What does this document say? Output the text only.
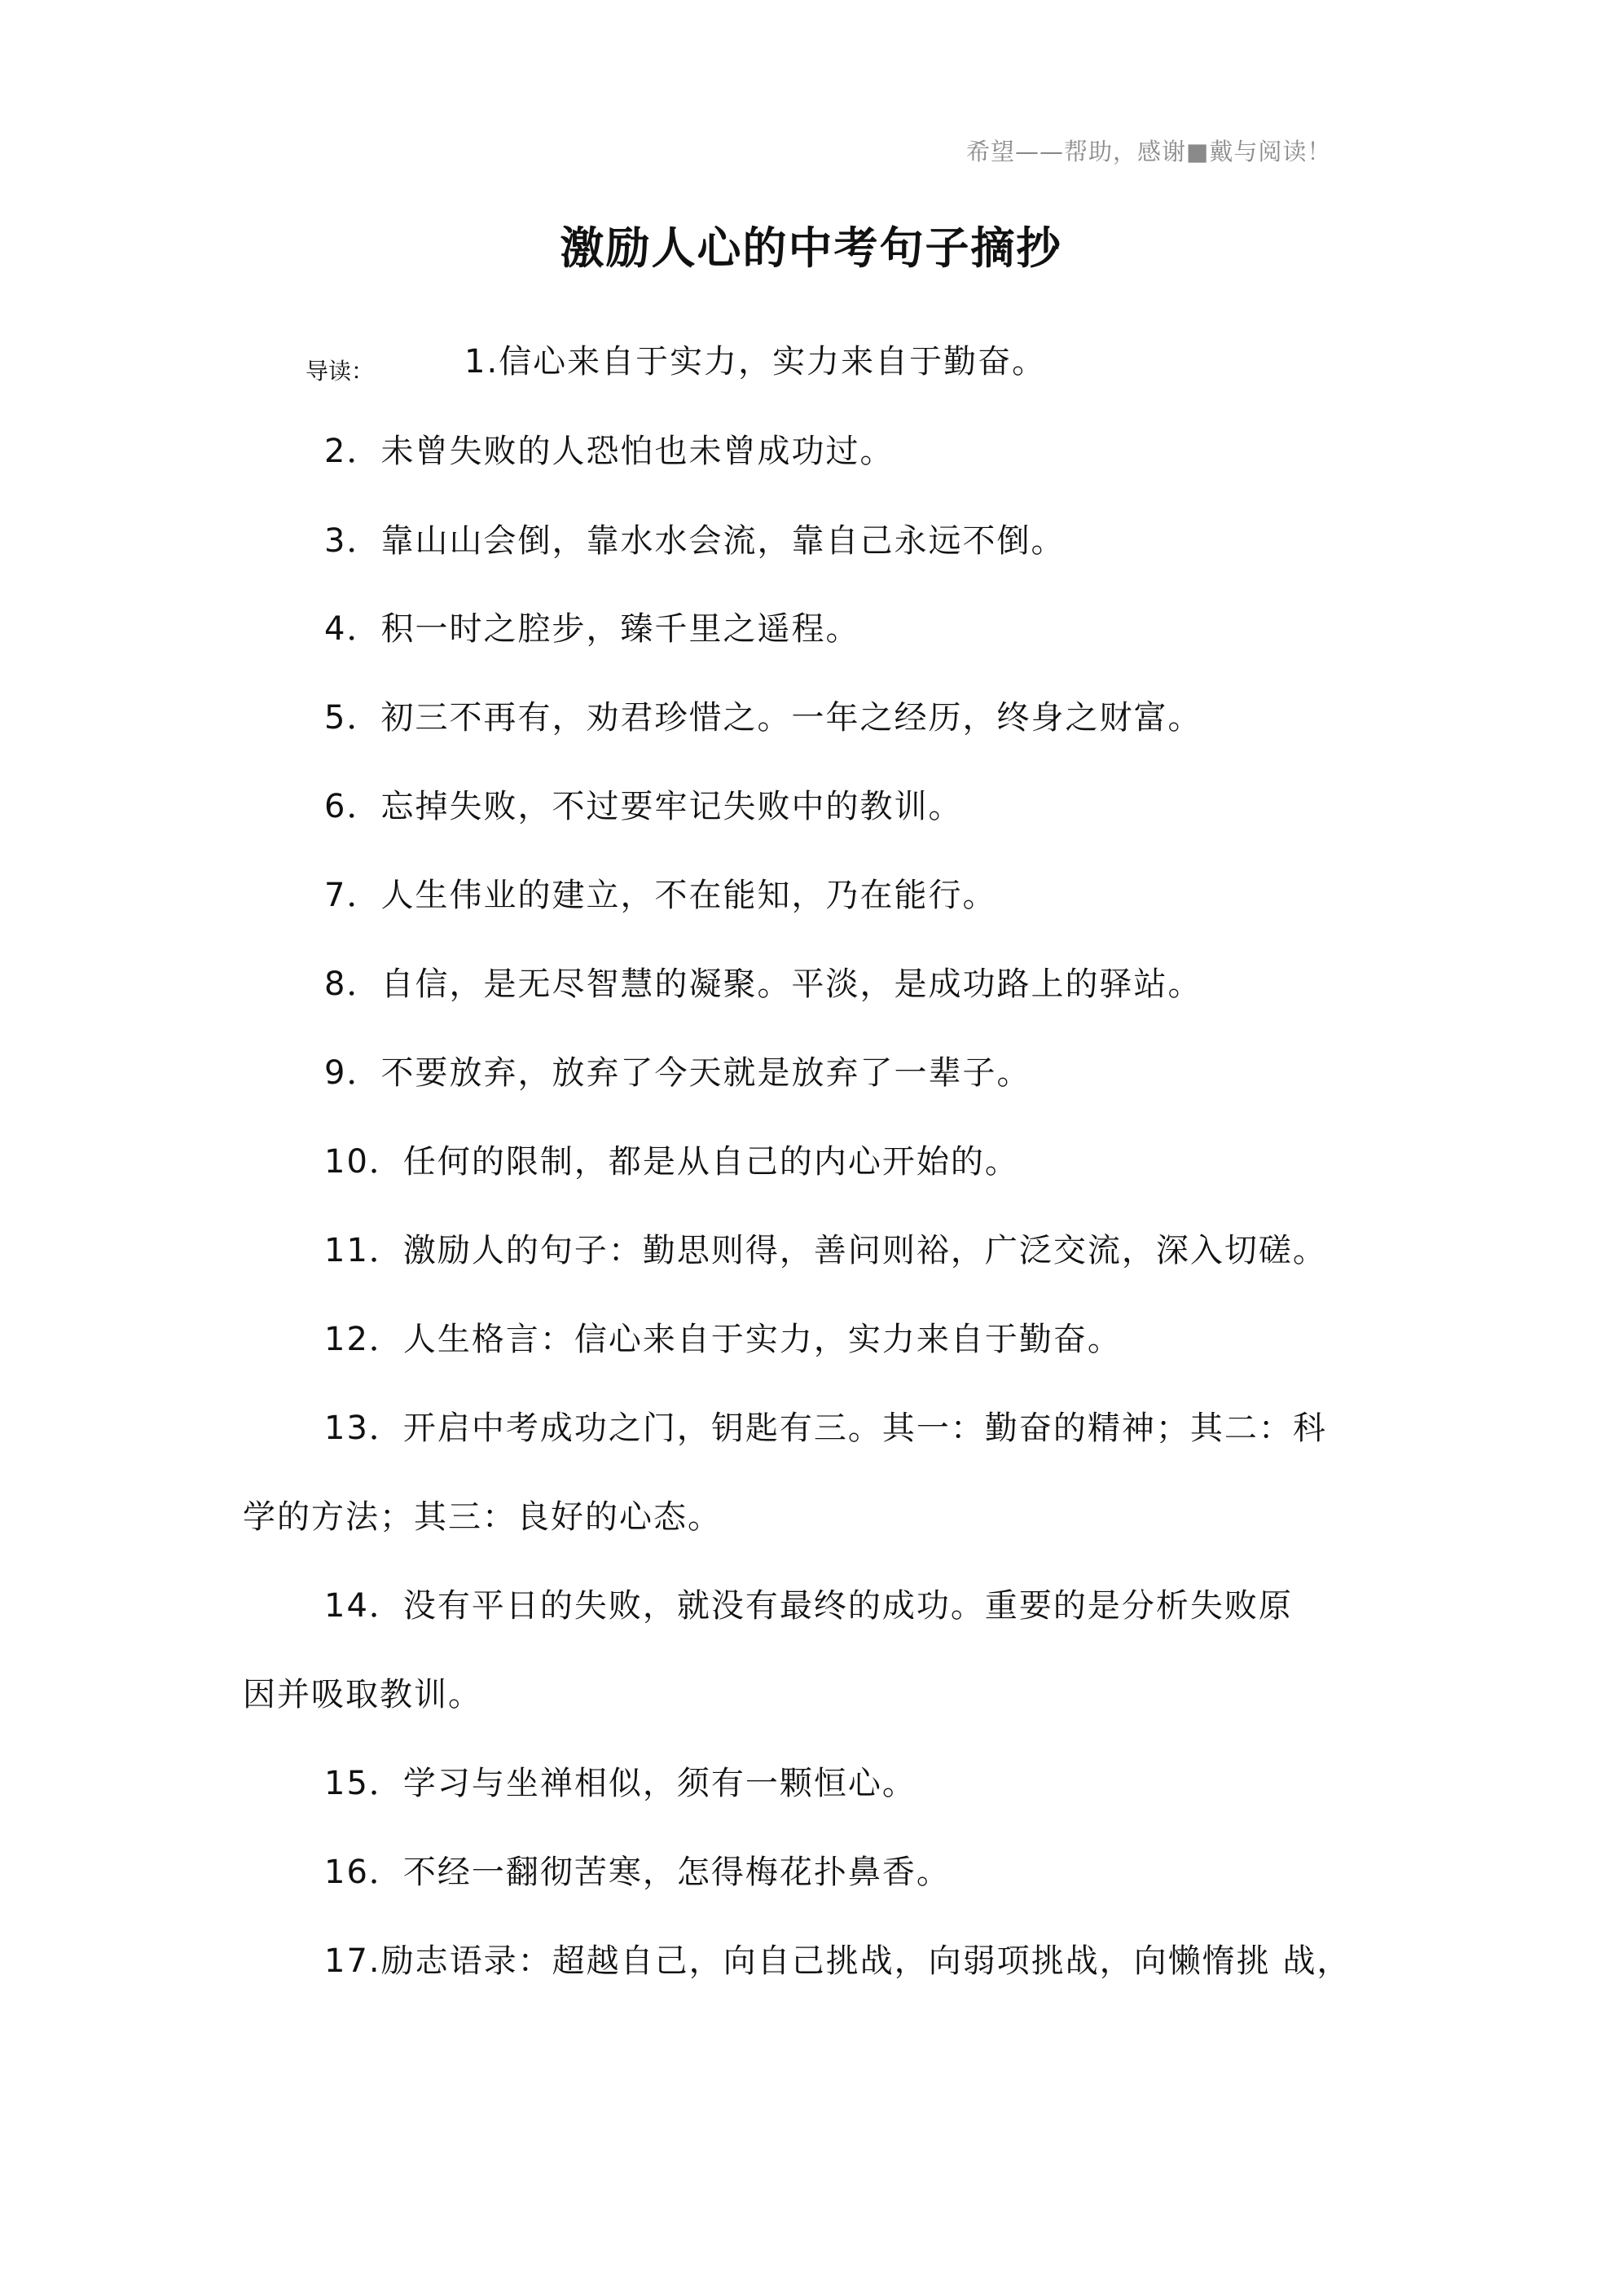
希望——帮助，感谢■戴与阅读！
激励人心的中考句子摘抄
导读：	1.信心来自于实力，实力来自于勤奋。
2．未曾失败的人恐怕也未曾成功过。
3．靠山山会倒，靠水水会流，靠自己永远不倒。
4．积一时之腔步，臻千里之遥程。
5．初三不再有，劝君珍惜之。一年之经历，终身之财富。
6．忘掉失败，不过要牢记失败中的教训。
7．人生伟业的建立，不在能知，乃在能行。
8．自信，是无尽智慧的凝聚。平淡，是成功路上的驿站。
9．不要放弃，放弃了今天就是放弃了一辈子。
10．任何的限制，都是从自己的内心开始的。
11．激励人的句子：勤思则得，善问则裕，广泛交流，深入切磋。
12．人生格言：信心来自于实力，实力来自于勤奋。
13．开启中考成功之门，钥匙有三。其一：勤奋的精神；其二：科
学的方法；其三：良好的心态。
14．没有平日的失败，就没有最终的成功。重要的是分析失败原
因并吸取教训。
15．学习与坐禅相似，须有一颗恒心。
16．不经一翻彻苦寒，怎得梅花扑鼻香。
17.励志语录：超越自己，向自己挑战，向弱项挑战，向懒惰挑 战，
